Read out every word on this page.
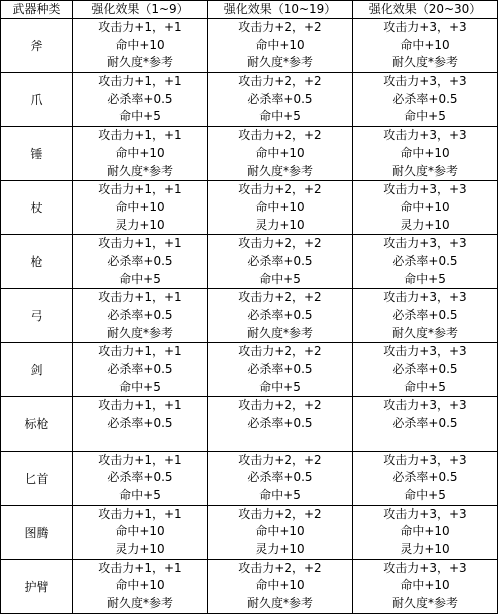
武器种类	强化效果（1~9）	强化效果（10~19）	强化效果（20~30）
斧	攻击力+1，+1
命中+10
耐久度*参考	攻击力+2，+2
命中+10
耐久度*参考	攻击力+3，+3
命中+10
耐久度*参考

爪	攻击力+1，+1
必杀率+0.5
命中+5	攻击力+2，+2
必杀率+0.5
命中+5	攻击力+3，+3
必杀率+0.5
命中+5

锤	攻击力+1，+1
命中+10
耐久度*参考	攻击力+2，+2
命中+10
耐久度*参考	攻击力+3，+3
命中+10
耐久度*参考

杖	攻击力+1，+1
命中+10
灵力+10	攻击力+2，+2
命中+10
灵力+10	攻击力+3，+3
命中+10
灵力+10

枪	攻击力+1，+1
必杀率+0.5
命中+5	攻击力+2，+2
必杀率+0.5
命中+5	攻击力+3，+3
必杀率+0.5
命中+5

弓	攻击力+1，+1
必杀率+0.5
耐久度*参考	攻击力+2，+2
必杀率+0.5
耐久度*参考	攻击力+3，+3
必杀率+0.5
耐久度*参考

剑	攻击力+1，+1
必杀率+0.5
命中+5	攻击力+2，+2
必杀率+0.5
命中+5	攻击力+3，+3
必杀率+0.5
命中+5

标枪	攻击力+1，+1
必杀率+0.5	攻击力+2，+2
必杀率+0.5	攻击力+3，+3
必杀率+0.5

匕首	攻击力+1，+1
必杀率+0.5
命中+5	攻击力+2，+2
必杀率+0.5
命中+5	攻击力+3，+3
必杀率+0.5
命中+5

图腾	攻击力+1，+1
命中+10
灵力+10	攻击力+2，+2
命中+10
灵力+10	攻击力+3，+3
命中+10
灵力+10

护臂	攻击力+1，+1
命中+10
耐久度*参考	攻击力+2，+2
命中+10
耐久度*参考	攻击力+3，+3
命中+10
耐久度*参考
